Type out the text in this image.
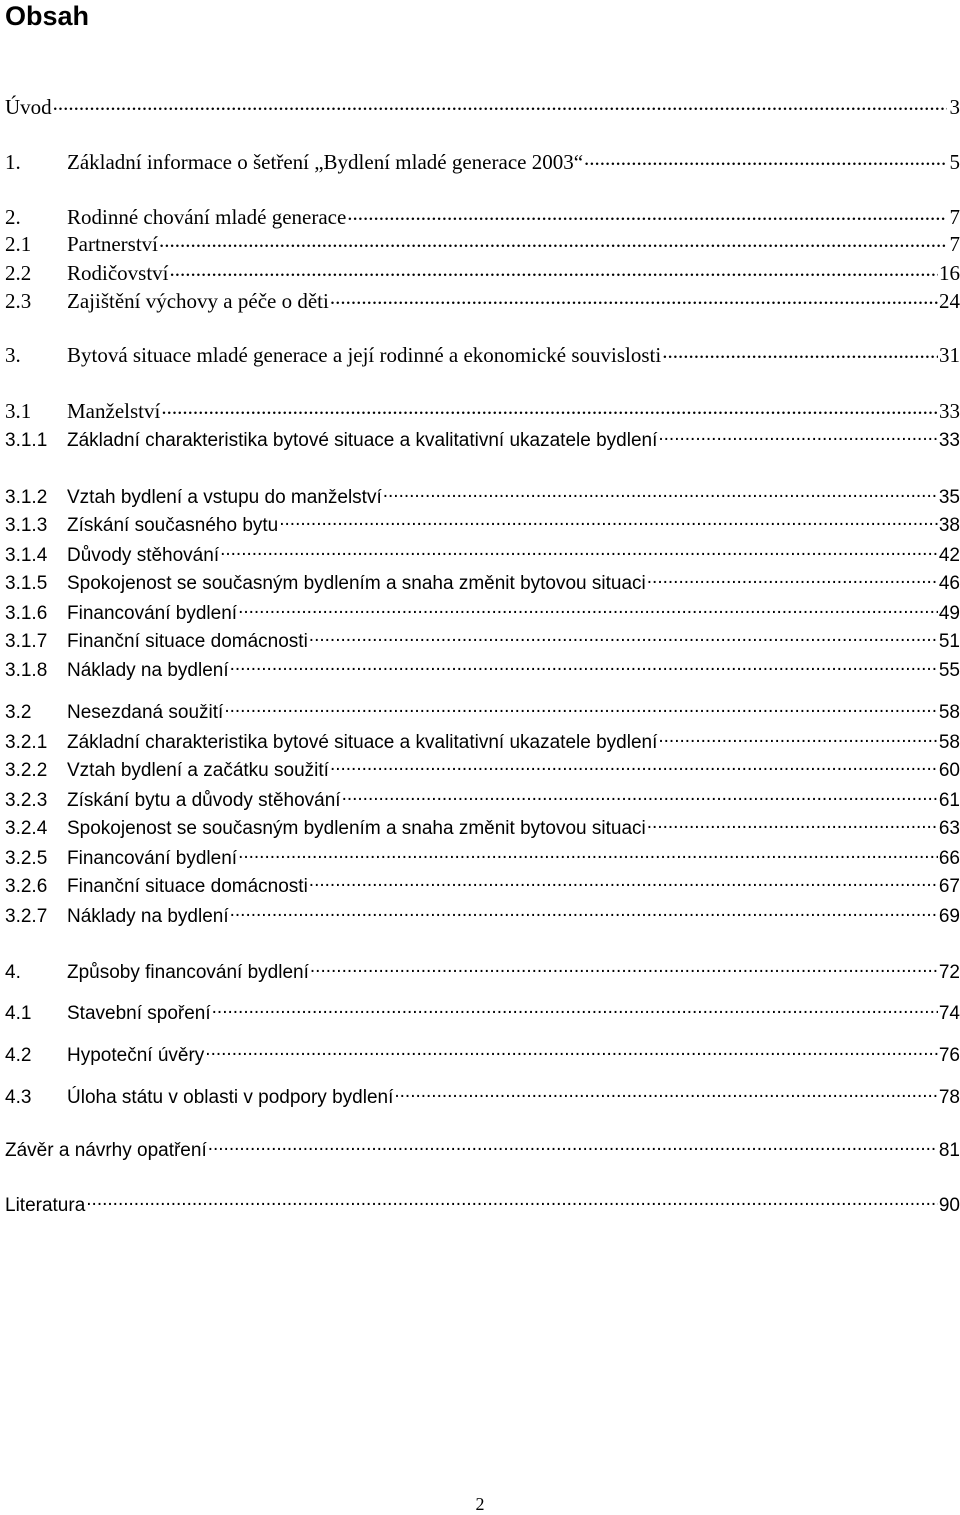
Obsah
Úvod .....	3
1.	Základní informace o šetření „Bydlení mladé generace 2003“ .....	5
2.	Rodinné chování mladé generace .....	7
2.1	Partnerství .....	7
2.2	Rodičovství .....	16
2.3	Zajištění výchovy a péče o děti .....	24
3.	Bytová situace mladé generace a její rodinné a ekonomické souvislosti .....	31
3.1	Manželství .....	33
3.1.1	Základní charakteristika bytové situace a kvalitativní ukazatele bydlení .....	33
3.1.2	Vztah bydlení a vstupu do manželství .....	35
3.1.3	Získání současného bytu .....	38
3.1.4	Důvody stěhování .....	42
3.1.5	Spokojenost se současným bydlením a snaha změnit bytovou situaci .....	46
3.1.6	Financování bydlení .....	49
3.1.7	Finanční situace domácnosti .....	51
3.1.8	Náklady na bydlení .....	55
3.2	Nesezdaná soužití .....	58
3.2.1	Základní charakteristika bytové situace a kvalitativní ukazatele bydlení .....	58
3.2.2	Vztah bydlení a začátku soužití .....	60
3.2.3	Získání bytu a důvody stěhování .....	61
3.2.4	Spokojenost se současným bydlením a snaha změnit bytovou situaci .....	63
3.2.5	Financování bydlení .....	66
3.2.6	Finanční situace domácnosti .....	67
3.2.7	Náklady na bydlení .....	69
4.	Způsoby financování bydlení .....	72
4.1	Stavební spoření .....	74
4.2	Hypoteční úvěry .....	76
4.3	Úloha státu v oblasti v podpory bydlení .....	78
Závěr a návrhy opatření .....	81
Literatura .....	90
2
